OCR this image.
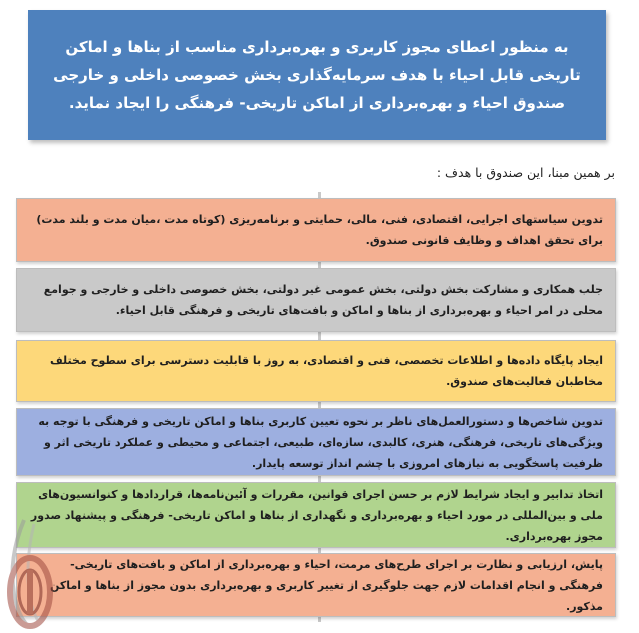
به منظور اعطای مجوز کاربری و بهره‌برداری مناسب از بناها و اماکن تاریخی قابل احیاء با هدف سرمایه‌گذاری بخش خصوصی داخلی و خارجی صندوق احیاء و بهره‌برداری از اماکن تاریخی- فرهنگی را ایجاد نماید.

بر همین مبنا، این صندوق با هدف :

تدوین سیاستهای اجرایی، اقتصادی، فنی، مالی، حمایتی و برنامه‌ریزی (کوتاه مدت ،میان مدت و بلند مدت) برای تحقق اهداف و وظایف قانونی صندوق.

جلب همکاری و مشارکت بخش دولتی، بخش عمومی غیر دولتی، بخش خصوصی داخلی و خارجی و جوامع محلی در امر احیاء و بهره‌برداری از بناها و اماکن و بافت‌های تاریخی و فرهنگی قابل احیاء.

ایجاد پایگاه داده‌ها و اطلاعات تخصصی، فنی و اقتصادی، به روز با قابلیت دسترسی برای سطوح مختلف مخاطبان فعالیت‌های صندوق.

تدوین شاخص‌ها و دستورالعمل‌های ناظر بر نحوه تعیین کاربری بناها و اماکن تاریخی و فرهنگی با توجه به ویژگی‌های تاریخی، فرهنگی، هنری، کالبدی، سازه‌ای، طبیعی، اجتماعی و محیطی و عملکرد تاریخی اثر و ظرفیت پاسخگویی به نیازهای امروزی با چشم انداز توسعه پایدار.

اتخاذ تدابیر و ایجاد شرایط لازم بر حسن اجرای قوانین، مقررات و آئین‌نامه‌ها، قراردادها و کنوانسیون‌های ملی و بین‌المللی در مورد احیاء و بهره‌برداری و نگهداری از بناها و اماکن تاریخی- فرهنگی و پیشنهاد صدور مجوز بهره‌برداری.

پایش، ارزیابی و نظارت بر اجرای طرح‌های مرمت، احیاء و بهره‌برداری از اماکن و بافت‌های تاریخی- فرهنگی و انجام اقدامات لازم جهت جلوگیری از تغییر کاربری و بهره‌برداری بدون مجوز از بناها و اماکن مذکور.
